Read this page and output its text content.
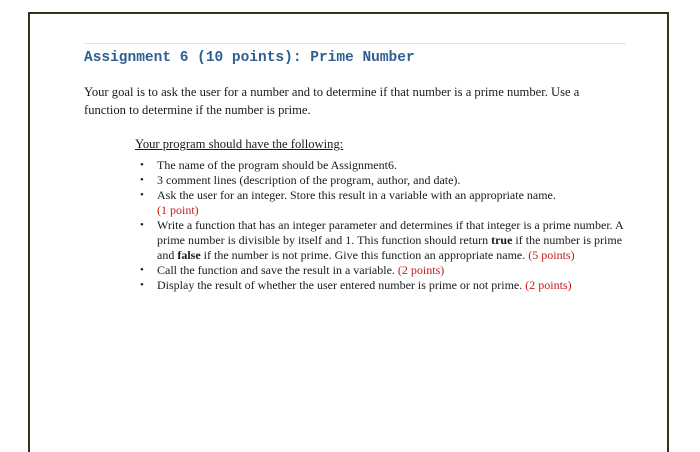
Assignment 6 (10 points): Prime Number
Your goal is to ask the user for a number and to determine if that number is a prime number. Use a function to determine if the number is prime.
Your program should have the following:
• The name of the program should be Assignment6.
• 3 comment lines (description of the program, author, and date).
• Ask the user for an integer. Store this result in a variable with an appropriate name.
(1 point)
• Write a function that has an integer parameter and determines if that integer is a prime number. A prime number is divisible by itself and 1. This function should return true if the number is prime and false if the number is not prime. Give this function an appropriate name. (5 points)
• Call the function and save the result in a variable. (2 points)
• Display the result of whether the user entered number is prime or not prime. (2 points)
